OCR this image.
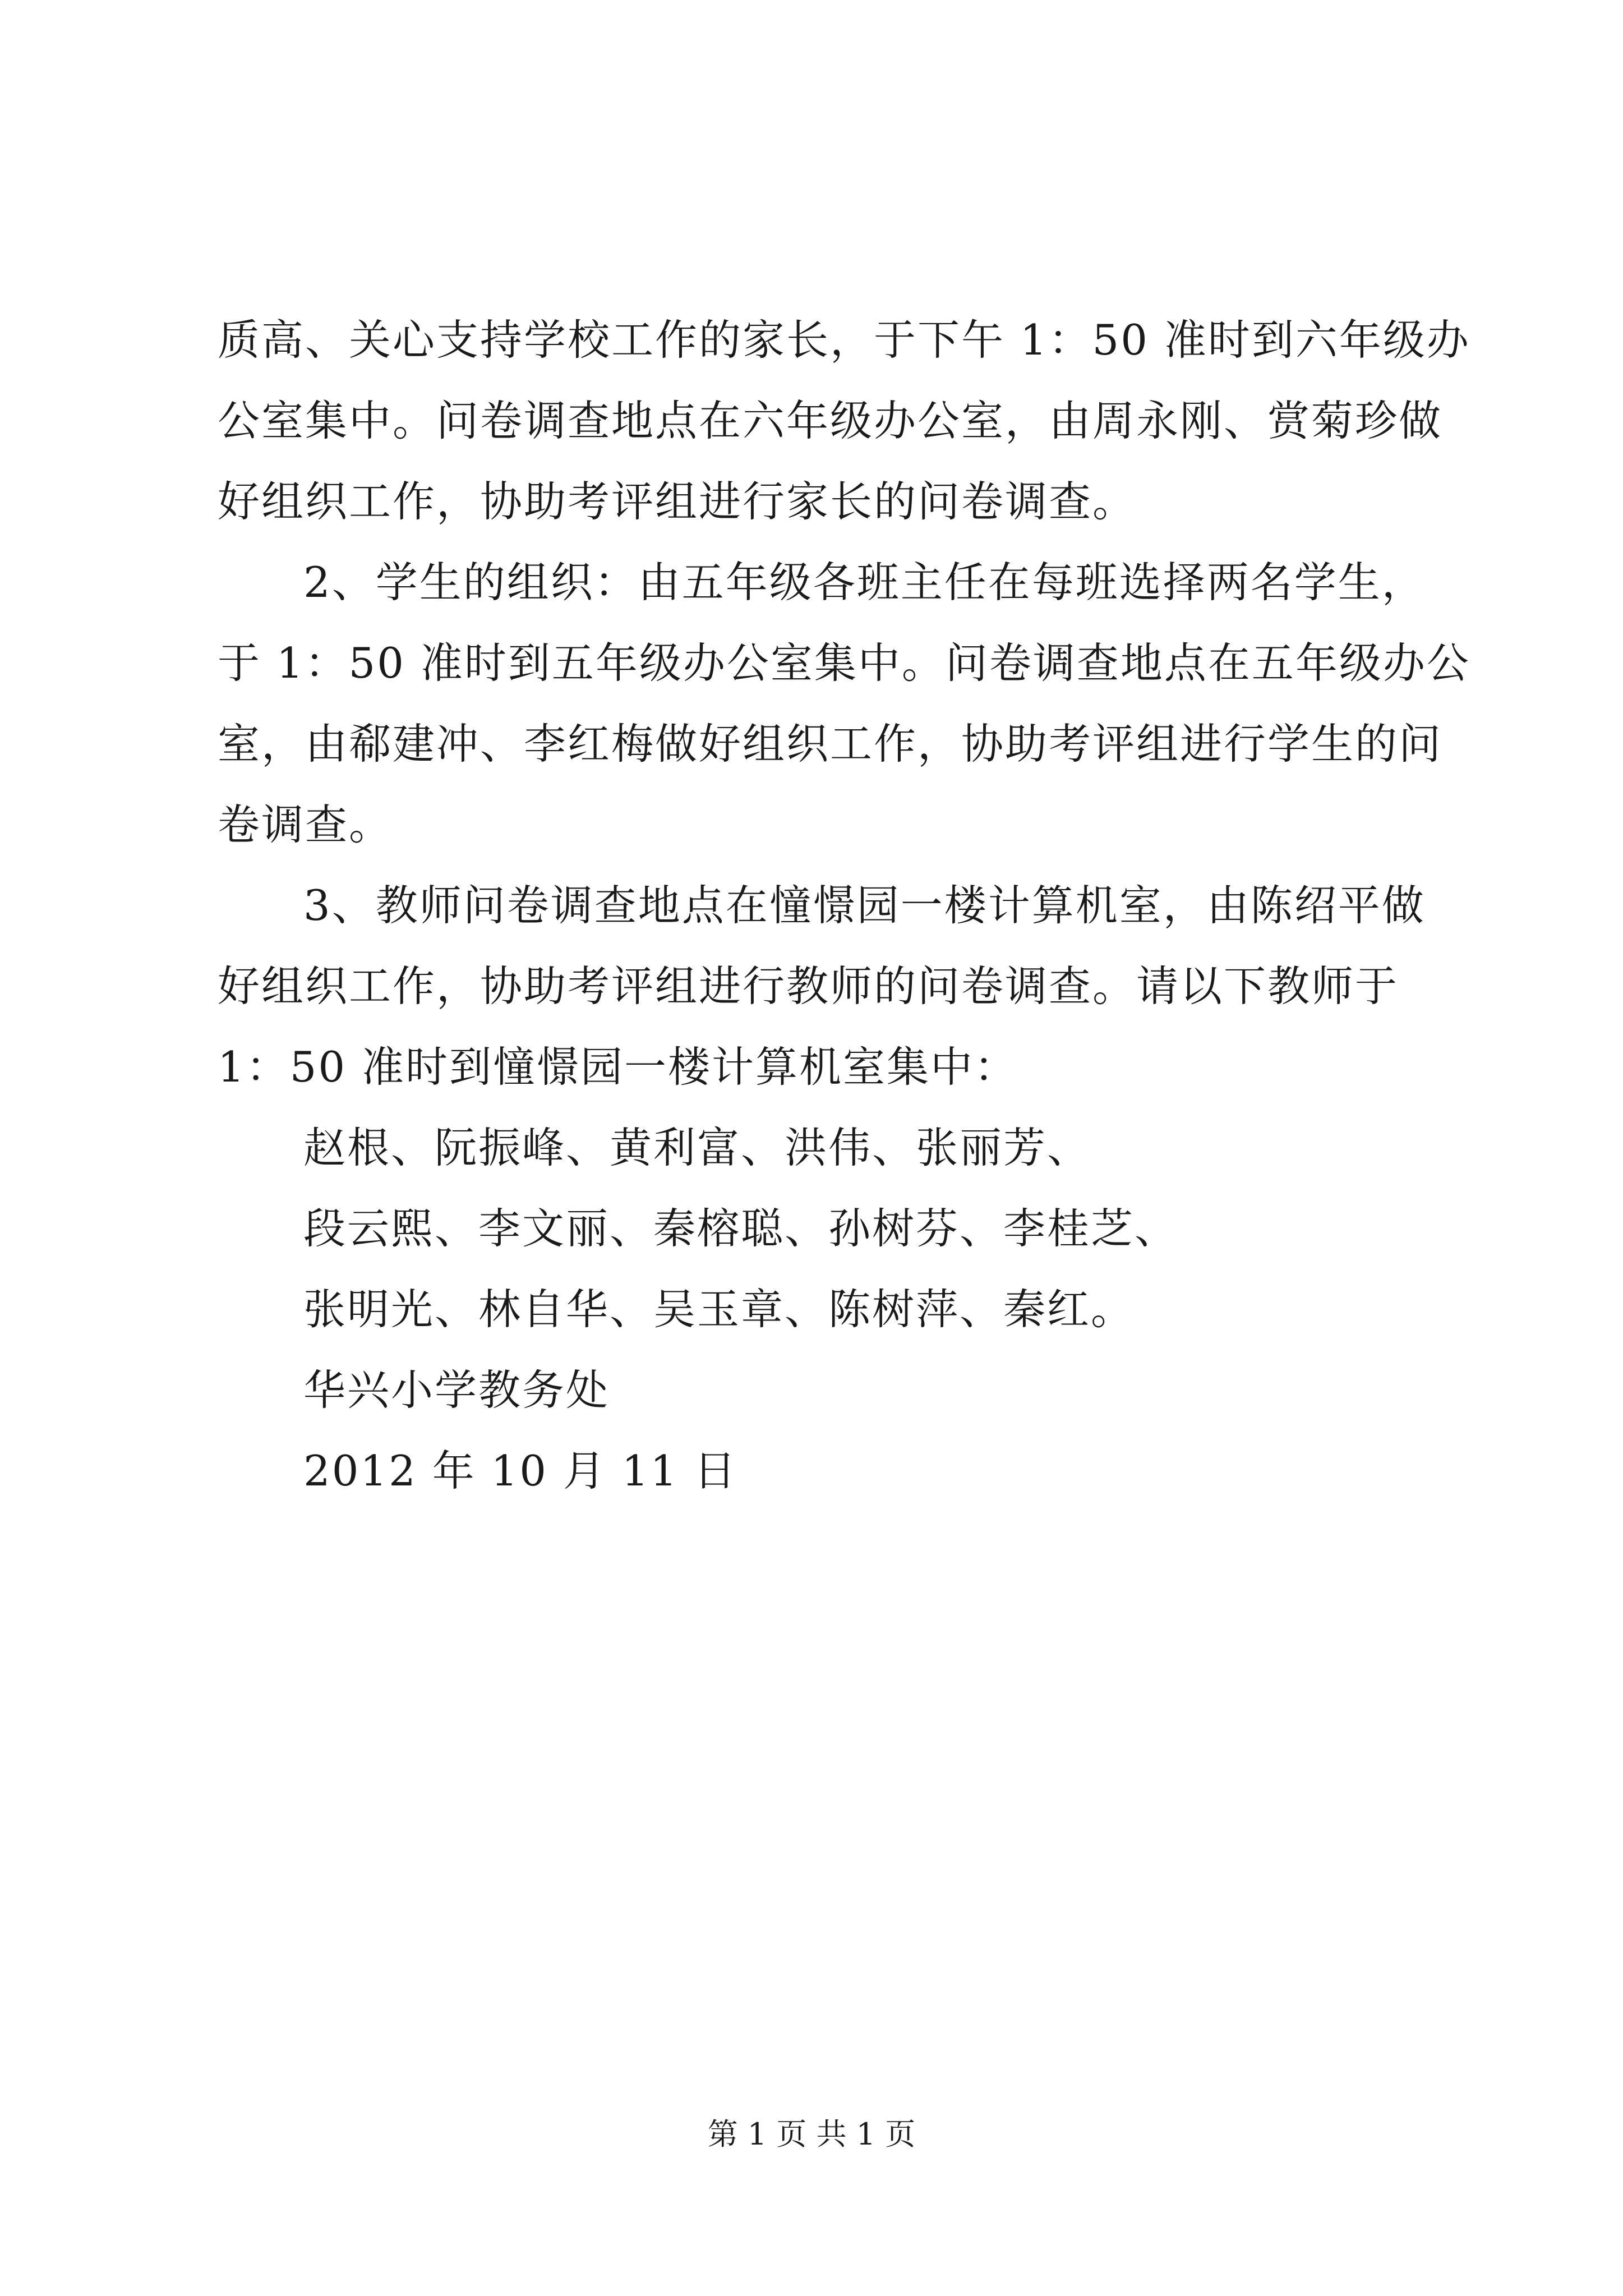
质高、关心支持学校工作的家长，于下午 1：50 准时到六年级办
公室集中。问卷调查地点在六年级办公室，由周永刚、赏菊珍做
好组织工作，协助考评组进行家长的问卷调查。
2、学生的组织：由五年级各班主任在每班选择两名学生，
于 1：50 准时到五年级办公室集中。问卷调查地点在五年级办公
室，由郗建冲、李红梅做好组织工作，协助考评组进行学生的问
卷调查。
3、教师问卷调查地点在憧憬园一楼计算机室，由陈绍平做
好组织工作，协助考评组进行教师的问卷调查。请以下教师于
1：50 准时到憧憬园一楼计算机室集中：
赵根、阮振峰、黄利富、洪伟、张丽芳、
段云熙、李文丽、秦榕聪、孙树芬、李桂芝、
张明光、林自华、吴玉章、陈树萍、秦红。
华兴小学教务处
2012 年 10 月 11 日
第 1 页 共 1 页
